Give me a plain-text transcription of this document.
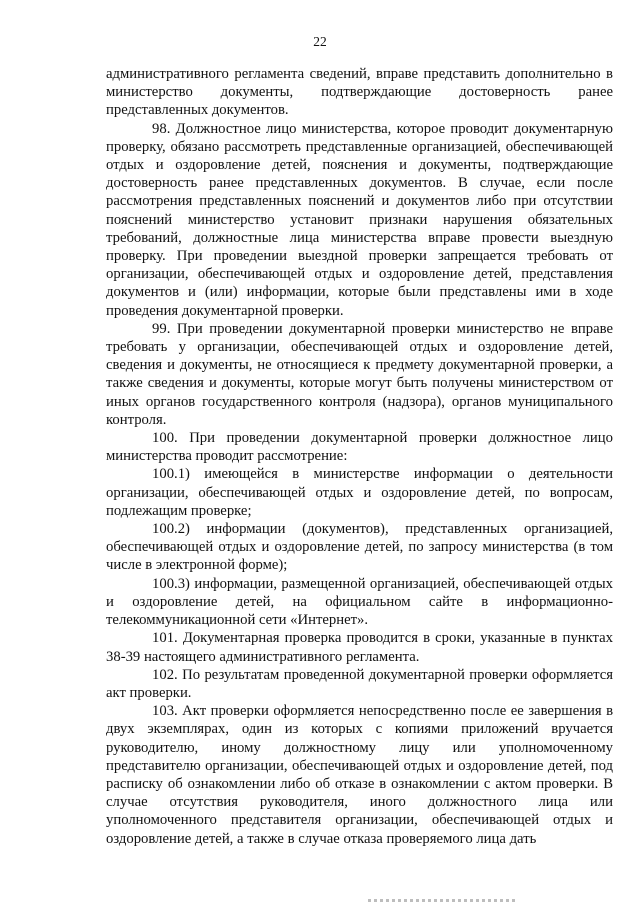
22

административного регламента сведений, вправе представить дополнительно в министерство документы, подтверждающие достоверность ранее представленных документов.

98. Должностное лицо министерства, которое проводит документарную проверку, обязано рассмотреть представленные организацией, обеспечивающей отдых и оздоровление детей, пояснения и документы, подтверждающие достоверность ранее представленных документов. В случае, если после рассмотрения представленных пояснений и документов либо при отсутствии пояснений министерство установит признаки нарушения обязательных требований, должностные лица министерства вправе провести выездную проверку. При проведении выездной проверки запрещается требовать от организации, обеспечивающей отдых и оздоровление детей, представления документов и (или) информации, которые были представлены ими в ходе проведения документарной проверки.

99. При проведении документарной проверки министерство не вправе требовать у организации, обеспечивающей отдых и оздоровление детей, сведения и документы, не относящиеся к предмету документарной проверки, а также сведения и документы, которые могут быть получены министерством от иных органов государственного контроля (надзора), органов муниципального контроля.

100. При проведении документарной проверки должностное лицо министерства проводит рассмотрение:

100.1) имеющейся в министерстве информации о деятельности организации, обеспечивающей отдых и оздоровление детей, по вопросам, подлежащим проверке;

100.2) информации (документов), представленных организацией, обеспечивающей отдых и оздоровление детей, по запросу министерства (в том числе в электронной форме);

100.3) информации, размещенной организацией, обеспечивающей отдых и оздоровление детей, на официальном сайте в информационно-телекоммуникационной сети «Интернет».

101. Документарная проверка проводится в сроки, указанные в пунктах 38-39 настоящего административного регламента.

102. По результатам проведенной документарной проверки оформляется акт проверки.

103. Акт проверки оформляется непосредственно после ее завершения в двух экземплярах, один из которых с копиями приложений вручается руководителю, иному должностному лицу или уполномоченному представителю организации, обеспечивающей отдых и оздоровление детей, под расписку об ознакомлении либо об отказе в ознакомлении с актом проверки. В случае отсутствия руководителя, иного должностного лица или уполномоченного представителя организации, обеспечивающей отдых и оздоровление детей, а также в случае отказа проверяемого лица дать
